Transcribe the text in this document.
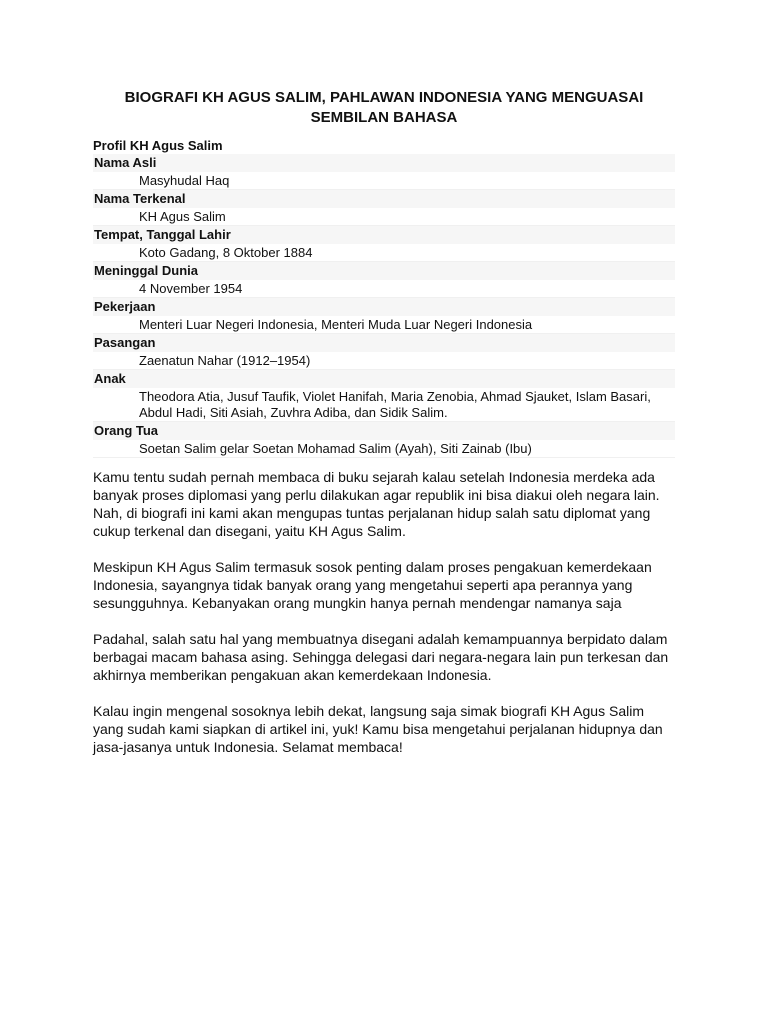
BIOGRAFI KH AGUS SALIM, PAHLAWAN INDONESIA YANG MENGUASAI SEMBILAN BAHASA
Profil KH Agus Salim
Nama Asli
Masyhudal Haq
Nama Terkenal
KH Agus Salim
Tempat, Tanggal Lahir
Koto Gadang, 8 Oktober 1884
Meninggal Dunia
4 November 1954
Pekerjaan
Menteri Luar Negeri Indonesia, Menteri Muda Luar Negeri Indonesia
Pasangan
Zaenatun Nahar (1912–1954)
Anak
Theodora Atia, Jusuf Taufik, Violet Hanifah, Maria Zenobia, Ahmad Sjauket, Islam Basari, Abdul Hadi, Siti Asiah, Zuvhra Adiba, dan Sidik Salim.
Orang Tua
Soetan Salim gelar Soetan Mohamad Salim (Ayah), Siti Zainab (Ibu)

Kamu tentu sudah pernah membaca di buku sejarah kalau setelah Indonesia merdeka ada banyak proses diplomasi yang perlu dilakukan agar republik ini bisa diakui oleh negara lain. Nah, di biografi ini kami akan mengupas tuntas perjalanan hidup salah satu diplomat yang cukup terkenal dan disegani, yaitu KH Agus Salim.

Meskipun KH Agus Salim termasuk sosok penting dalam proses pengakuan kemerdekaan Indonesia, sayangnya tidak banyak orang yang mengetahui seperti apa perannya yang sesungguhnya. Kebanyakan orang mungkin hanya pernah mendengar namanya saja

Padahal, salah satu hal yang membuatnya disegani adalah kemampuannya berpidato dalam berbagai macam bahasa asing. Sehingga delegasi dari negara-negara lain pun terkesan dan akhirnya memberikan pengakuan akan kemerdekaan Indonesia.

Kalau ingin mengenal sosoknya lebih dekat, langsung saja simak biografi KH Agus Salim yang sudah kami siapkan di artikel ini, yuk! Kamu bisa mengetahui perjalanan hidupnya dan jasa-jasanya untuk Indonesia. Selamat membaca!
